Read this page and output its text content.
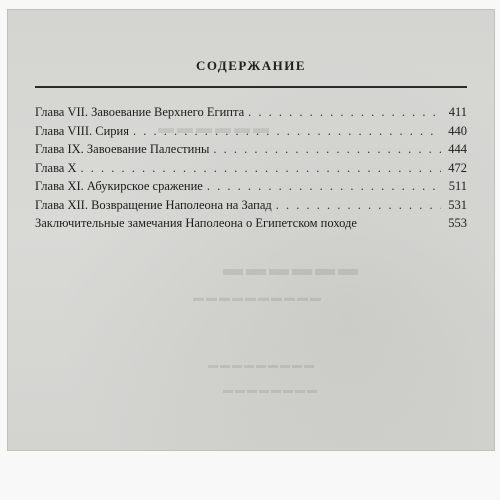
▬▬▬▬▬▬
▬▬▬▬▬▬
▬▬▬▬▬▬▬▬▬▬
▬▬▬▬▬▬▬▬▬
▬▬▬▬▬▬▬▬
СОДЕРЖАНИЕ
Глава VII. Завоевание Верхнего Египта . . .	411
Глава VIII. Сирия . . .	440
Глава IX. Завоевание Палестины . . .	444
Глава X . . .	472
Глава XI. Абукирское сражение . . .	511
Глава XII. Возвращение Наполеона на Запад . . .	531
Заключительные замечания Наполеона о Египетском походе	553
